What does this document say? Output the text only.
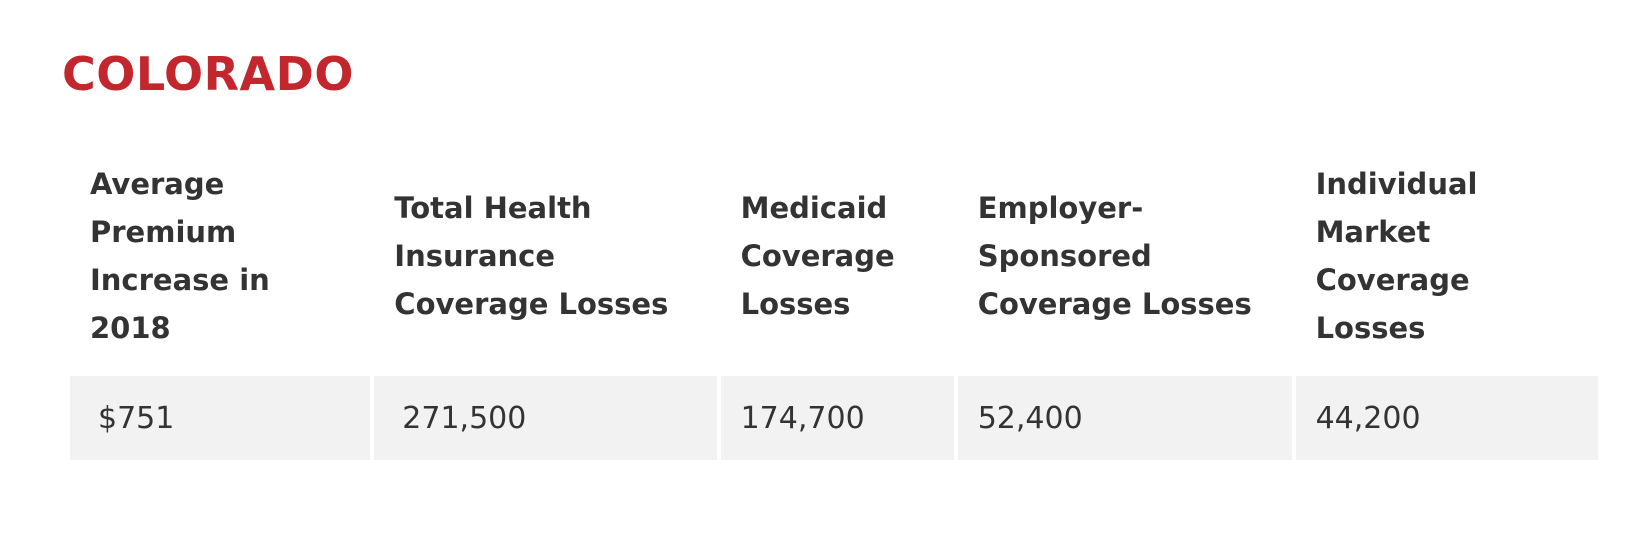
COLORADO
Average Premium Increase in 2018	Total Health Insurance Coverage Losses	Medicaid Coverage Losses	Employer-Sponsored Coverage Losses	Individual Market Coverage Losses
$751	271,500	174,700	52,400	44,200
